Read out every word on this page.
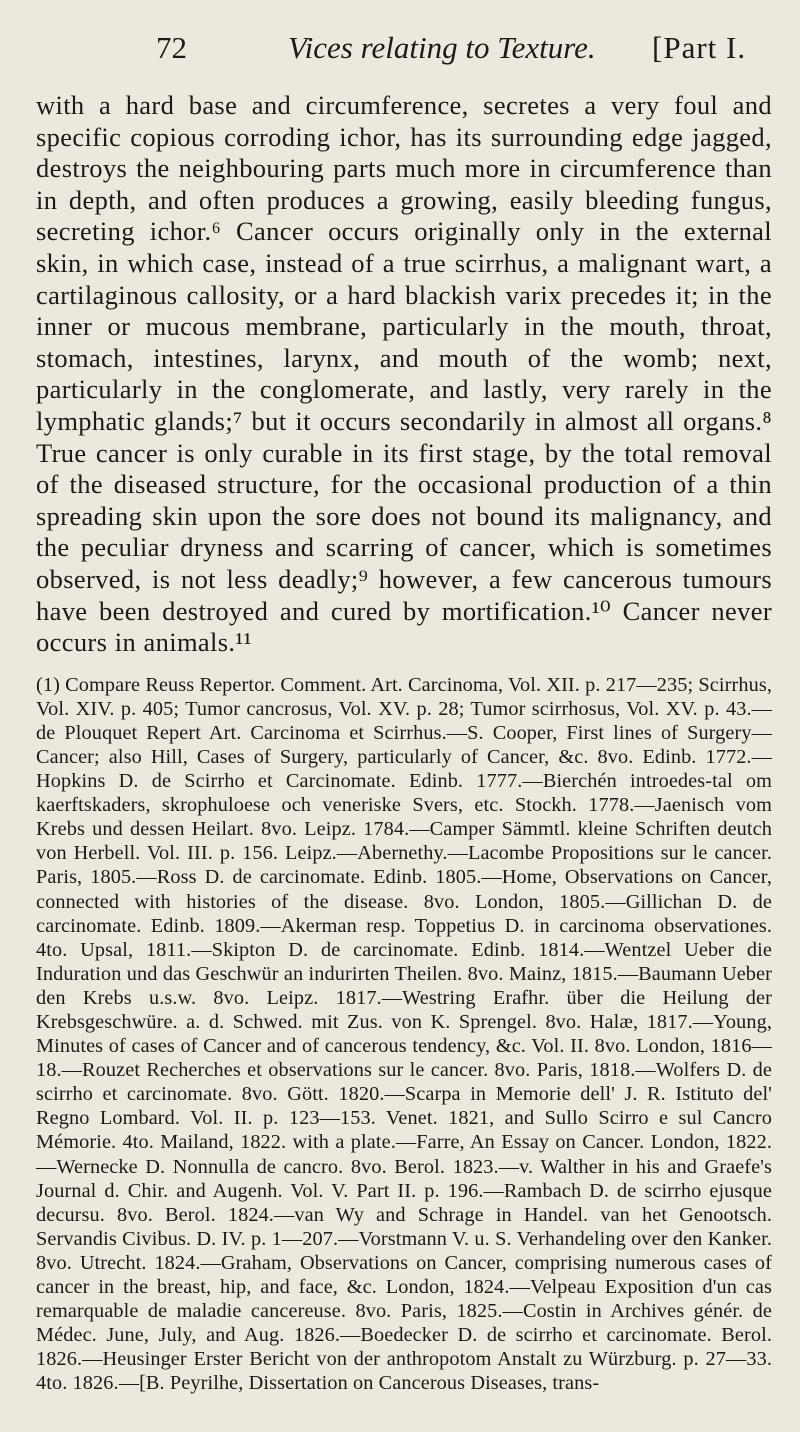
72	Vices relating to Texture. [Part I.

with a hard base and circumference, secretes a very foul and specific copious corroding ichor, has its surrounding edge jagged, destroys the neighbouring parts much more in circumference than in depth, and often produces a growing, easily bleeding fungus, secreting ichor.⁶ Cancer occurs originally only in the external skin, in which case, instead of a true scirrhus, a malignant wart, a cartilaginous callosity, or a hard blackish varix precedes it; in the inner or mucous membrane, particularly in the mouth, throat, stomach, intestines, larynx, and mouth of the womb; next, particularly in the conglomerate, and lastly, very rarely in the lymphatic glands;⁷ but it occurs secondarily in almost all organs.⁸ True cancer is only curable in its first stage, by the total removal of the diseased structure, for the occasional production of a thin spreading skin upon the sore does not bound its malignancy, and the peculiar dryness and scarring of cancer, which is sometimes observed, is not less deadly;⁹ however, a few cancerous tumours have been destroyed and cured by mortification.¹⁰ Cancer never occurs in animals.¹¹

(1) Compare Reuss Repertor. Comment. Art. Carcinoma, Vol. XII. p. 217—235; Scirrhus, Vol. XIV. p. 405; Tumor cancrosus, Vol. XV. p. 28; Tumor scirrhosus, Vol. XV. p. 43.—de Plouquet Repert Art. Carcinoma et Scirrhus.—S. Cooper, First lines of Surgery—Cancer; also Hill, Cases of Surgery, particularly of Cancer, &c. 8vo. Edinb. 1772.—Hopkins D. de Scirrho et Carcinomate. Edinb. 1777.—Bierchén introedes-tal om kaerftskaders, skrophuloese och veneriske Svers, etc. Stockh. 1778.—Jaenisch vom Krebs und dessen Heilart. 8vo. Leipz. 1784.—Camper Sämmtl. kleine Schriften deutch von Herbell. Vol. III. p. 156. Leipz.—Abernethy.—Lacombe Propositions sur le cancer. Paris, 1805.—Ross D. de carcinomate. Edinb. 1805.—Home, Observations on Cancer, connected with histories of the disease. 8vo. London, 1805.—Gillichan D. de carcinomate. Edinb. 1809.—Akerman resp. Toppetius D. in carcinoma observationes. 4to. Upsal, 1811.—Skipton D. de carcinomate. Edinb. 1814.—Wentzel Ueber die Induration und das Geschwür an indurirten Theilen. 8vo. Mainz, 1815.—Baumann Ueber den Krebs u.s.w. 8vo. Leipz. 1817.—Westring Erafhr. über die Heilung der Krebsgeschwüre. a. d. Schwed. mit Zus. von K. Sprengel. 8vo. Halæ, 1817.—Young, Minutes of cases of Cancer and of cancerous tendency, &c. Vol. II. 8vo. London, 1816—18.—Rouzet Recherches et observations sur le cancer. 8vo. Paris, 1818.—Wolfers D. de scirrho et carcinomate. 8vo. Gött. 1820.—Scarpa in Memorie dell' J. R. Istituto del' Regno Lombard. Vol. II. p. 123—153. Venet. 1821, and Sullo Scirro e sul Cancro Mémorie. 4to. Mailand, 1822. with a plate.—Farre, An Essay on Cancer. London, 1822.—Wernecke D. Nonnulla de cancro. 8vo. Berol. 1823.—v. Walther in his and Graefe's Journal d. Chir. and Augenh. Vol. V. Part II. p. 196.—Rambach D. de scirrho ejusque decursu. 8vo. Berol. 1824.—van Wy and Schrage in Handel. van het Genootsch. Servandis Civibus. D. IV. p. 1—207.—Vorstmann V. u. S. Verhandeling over den Kanker. 8vo. Utrecht. 1824.—Graham, Observations on Cancer, comprising numerous cases of cancer in the breast, hip, and face, &c. London, 1824.—Velpeau Exposition d'un cas remarquable de maladie cancereuse. 8vo. Paris, 1825.—Costin in Archives génér. de Médec. June, July, and Aug. 1826.—Boedecker D. de scirrho et carcinomate. Berol. 1826.—Heusinger Erster Bericht von der anthropotom Anstalt zu Würzburg. p. 27—33. 4to. 1826.—[B. Peyrilhe, Dissertation on Cancerous Diseases, trans-
